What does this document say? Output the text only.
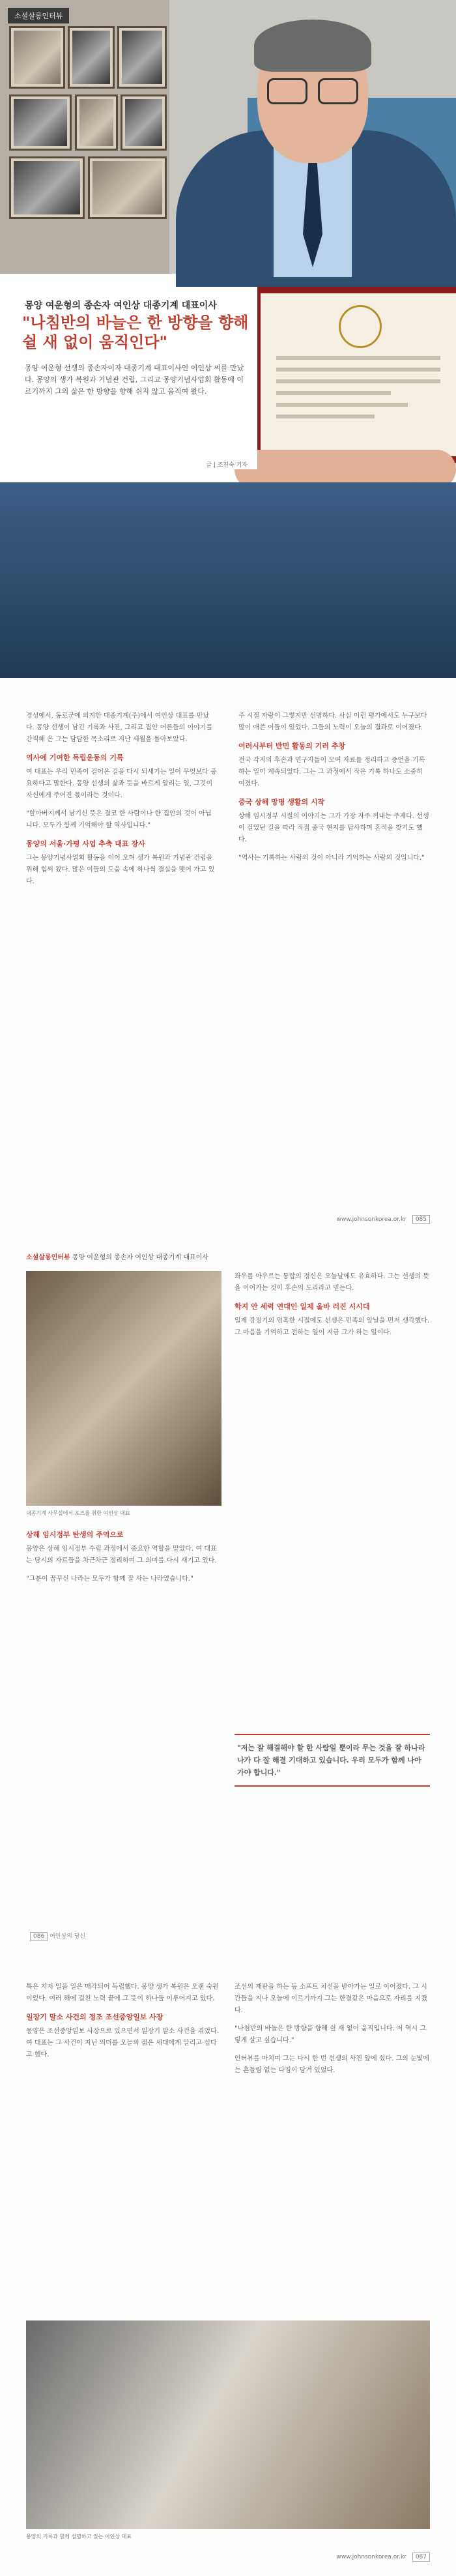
소셜살롱인터뷰
몽양 여운형의 종손자 여인상 대종기계 대표이사
"나침반의 바늘은 한 방향을 향해 쉴 새 없이 움직인다"
몽양 여운형 선생의 종손자이자 대종기계 대표이사인 여인상 씨를 만났다. 몽양의 생가 복원과 기념관 건립, 그리고 몽양기념사업회 활동에 이르기까지 그의 삶은 한 방향을 향해 쉬지 않고 움직여 왔다.
글 | 조진숙 기자

경성에서, 동로군에 의지한 대종기계(주)에서 여인상 대표를 만났다. 몽양 선생이 남긴 기록과 사진, 그리고 집안 어른들의 이야기를 간직해 온 그는 담담한 목소리로 지난 세월을 돌아보았다.

역사에 기여한 독립운동의 기록

여 대표는 우리 민족이 걸어온 길을 다시 되새기는 일이 무엇보다 중요하다고 말한다. 몽양 선생의 삶과 뜻을 바르게 알리는 일, 그것이 자신에게 주어진 몫이라는 것이다.

"할아버지께서 남기신 뜻은 결코 한 사람이나 한 집안의 것이 아닙니다. 모두가 함께 기억해야 할 역사입니다."

몽양의 서울·가평 사업 추축 대표 장사

그는 몽양기념사업회 활동을 이어 오며 생가 복원과 기념관 건립을 위해 힘써 왔다. 많은 이들의 도움 속에 하나씩 결실을 맺어 가고 있다.

주 시절 자랑이 그렇지만 선명하다. 사실 이런 평가에서도 누구보다 많이 애쓴 이들이 있었다. 그들의 노력이 오늘의 결과로 이어졌다.

여러시부터 반민 활동의 기러 추창

전국 각지의 후손과 연구자들이 모여 자료를 정리하고 증언을 기록하는 일이 계속되었다. 그는 그 과정에서 작은 기록 하나도 소중히 여겼다.

중국 상해 망명 생활의 시작

상해 임시정부 시절의 이야기는 그가 가장 자주 꺼내는 주제다. 선생이 걸었던 길을 따라 직접 중국 현지를 답사하며 흔적을 찾기도 했다.

"역사는 기록하는 사람의 것이 아니라 기억하는 사람의 것입니다."

www.johnsonkorea.or.kr 085
소셜살롱인터뷰 몽양 여운형의 종손자 여인상 대종기계 대표이사
대종기계 사무실에서 포즈를 취한 여인상 대표
상해 임시정부 탄생의 주역으로

몽양은 상해 임시정부 수립 과정에서 중요한 역할을 맡았다. 여 대표는 당시의 자료들을 차근차근 정리하며 그 의미를 다시 새기고 있다.

"그분이 꿈꾸신 나라는 모두가 함께 잘 사는 나라였습니다."

좌우를 아우르는 통합의 정신은 오늘날에도 유효하다. 그는 선생의 뜻을 이어가는 것이 후손의 도리라고 믿는다.

학지 안 세력 연대인 일제 올바 러진 시시대

일제 강점기의 엄혹한 시절에도 선생은 민족의 앞날을 먼저 생각했다. 그 마음을 기억하고 전하는 일이 지금 그가 하는 일이다.

"저는 잘 해결해야 할 한 사람일 뿐이라 무는 것을 잘 하나라 나가 다 잘 해결 기대하고 있습니다. 우리 모두가 함께 나아가야 합니다."
086 여인상의 당신

특은 지저 일을 일은 매각되어 독립했다. 몽양 생가 복원은 오랜 숙원이었다. 여러 해에 걸친 노력 끝에 그 뜻이 하나둘 이루어지고 있다.

일장기 말소 사건의 정조 조선중앙일보 사장

몽양은 조선중앙일보 사장으로 있으면서 일장기 말소 사건을 겪었다. 여 대표는 그 사건이 지닌 의미를 오늘의 젊은 세대에게 알리고 싶다고 했다.

조선의 재판을 하는 등 소프트 치신을 받아가는 일로 이어졌다. 그 시간들을 지나 오늘에 이르기까지 그는 한결같은 마음으로 자리를 지켰다.

"나침반의 바늘은 한 방향을 향해 쉴 새 없이 움직입니다. 저 역시 그렇게 살고 싶습니다."

인터뷰를 마치며 그는 다시 한 번 선생의 사진 앞에 섰다. 그의 눈빛에는 흔들림 없는 다짐이 담겨 있었다.

몽양의 기록과 함께 설명하고 있는 여인상 대표
www.johnsonkorea.or.kr 087
